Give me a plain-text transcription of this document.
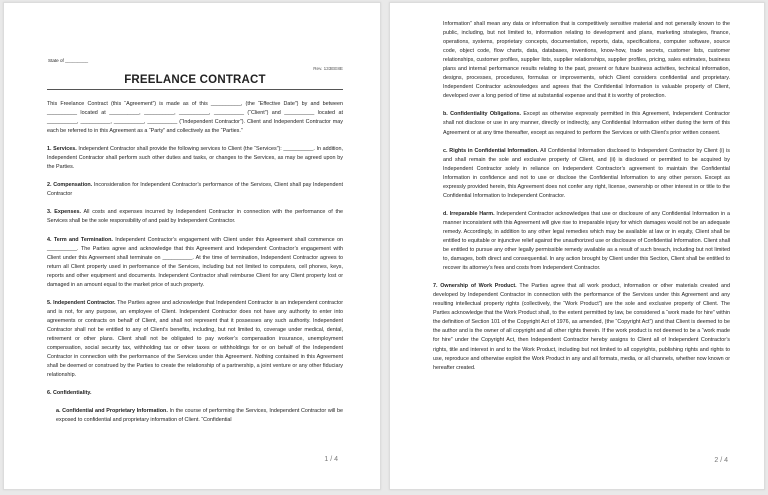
State of _________
Rev. 133EE8E
FREELANCE CONTRACT

This Freelance Contract (this “Agreement”) is made as of this __________, (the “Effective Date”) by and between __________ located at __________, __________, __________, __________ (“Client”) and __________ located at __________, __________, __________, __________ (“Independent Contractor”). Client and Independent Contractor may each be referred to in this Agreement as a “Party” and collectively as the “Parties.”

1. Services. Independent Contractor shall provide the following services to Client (the “Services”): __________. In addition, Independent Contractor shall perform such other duties and tasks, or changes to the Services, as may be agreed upon by the Parties.

2. Compensation. Inconsideration for Independent Contractor’s performance of the Services, Client shall pay Independent Contractor

3. Expenses. All costs and expenses incurred by Independent Contractor in connection with the performance of the Services shall be the sole responsibility of and paid by Independent Contractor.

4. Term and Termination. Independent Contractor’s engagement with Client under this Agreement shall commence on __________. The Parties agree and acknowledge that this Agreement and Independent Contractor’s engagement with Client under this Agreement shall terminate on __________. At the time of termination, Independent Contractor agrees to return all Client property used in performance of the Services, including but not limited to computers, cell phones, keys, reports and other equipment and documents. Independent Contractor shall reimburse Client for any Client property lost or damaged in an amount equal to the market price of such property.

5. Independent Contractor. The Parties agree and acknowledge that Independent Contractor is an independent contractor and is not, for any purpose, an employee of Client. Independent Contractor does not have any authority to enter into agreements or contracts on behalf of Client, and shall not represent that it possesses any such authority. Independent Contractor shall not be entitled to any of Client’s benefits, including, but not limited to, coverage under medical, dental, retirement or other plans. Client shall not be obligated to pay worker’s compensation insurance, unemployment compensation, social security tax, withholding tax or other taxes or withholdings for or on behalf of the Independent Contractor in connection with the performance of the Services under this Agreement. Nothing contained in this Agreement shall be deemed or construed by the Parties to create the relationship of a partnership, a joint venture or any other fiduciary relationship.

6. Confidentiality.

a. Confidential and Proprietary Information. In the course of performing the Services, Independent Contractor will be exposed to confidential and proprietary information of Client. “Confidential

1 / 4

Information” shall mean any data or information that is competitively sensitive material and not generally known to the public, including, but not limited to, information relating to development and plans, marketing strategies, finance, operations, systems, proprietary concepts, documentation, reports, data, specifications, computer software, source code, object code, flow charts, data, databases, inventions, know-how, trade secrets, customer lists, customer relationships, customer profiles, supplier lists, supplier relationships, supplier profiles, pricing, sales estimates, business plans and internal performance results relating to the past, present or future business activities, technical information, designs, processes, procedures, formulas or improvements, which Client considers confidential and proprietary. Independent Contractor acknowledges and agrees that the Confidential Information is valuable property of Client, developed over a long period of time at substantial expense and that it is worthy of protection.

b. Confidentiality Obligations. Except as otherwise expressly permitted in this Agreement, Independent Contractor shall not disclose or use in any manner, directly or indirectly, any Confidential Information either during the term of this Agreement or at any time thereafter, except as required to perform the Services or with Client’s prior written consent.

c. Rights in Confidential Information. All Confidential Information disclosed to Independent Contractor by Client (i) is and shall remain the sole and exclusive property of Client, and (ii) is disclosed or permitted to be acquired by Independent Contractor solely in reliance on Independent Contractor’s agreement to maintain the Confidential Information in confidence and not to use or disclose the Confidential Information to any other person. Except as expressly provided herein, this Agreement does not confer any right, license, ownership or other interest in or title to the Confidential Information to Independent Contractor.

d. Irreparable Harm. Independent Contractor acknowledges that use or disclosure of any Confidential Information in a manner inconsistent with this Agreement will give rise to irreparable injury for which damages would not be an adequate remedy. Accordingly, in addition to any other legal remedies which may be available at law or in equity, Client shall be entitled to equitable or injunctive relief against the unauthorized use or disclosure of Confidential Information. Client shall be entitled to pursue any other legally permissible remedy available as a result of such breach, including but not limited to, damages, both direct and consequential. In any action brought by Client under this Section, Client shall be entitled to recover its attorney’s fees and costs from Independent Contractor.

7. Ownership of Work Product. The Parties agree that all work product, information or other materials created and developed by Independent Contractor in connection with the performance of the Services under this Agreement and any resulting intellectual property rights (collectively, the “Work Product”) are the sole and exclusive property of Client. The Parties acknowledge that the Work Product shall, to the extent permitted by law, be considered a “work made for hire” within the definition of Section 101 of the Copyright Act of 1976, as amended, (the “Copyright Act”) and that Client is deemed to be the author and is the owner of all copyright and all other rights therein. If the work product is not deemed to be a “work made for hire” under the Copyright Act, then Independent Contractor hereby assigns to Client all of Independent Contractor’s rights, title and interest in and to the Work Product, including but not limited to all copyrights, publishing rights and rights to use, reproduce and otherwise exploit the Work Product in any and all formats, media, or all channels, whether now known or hereafter created.

2 / 4
